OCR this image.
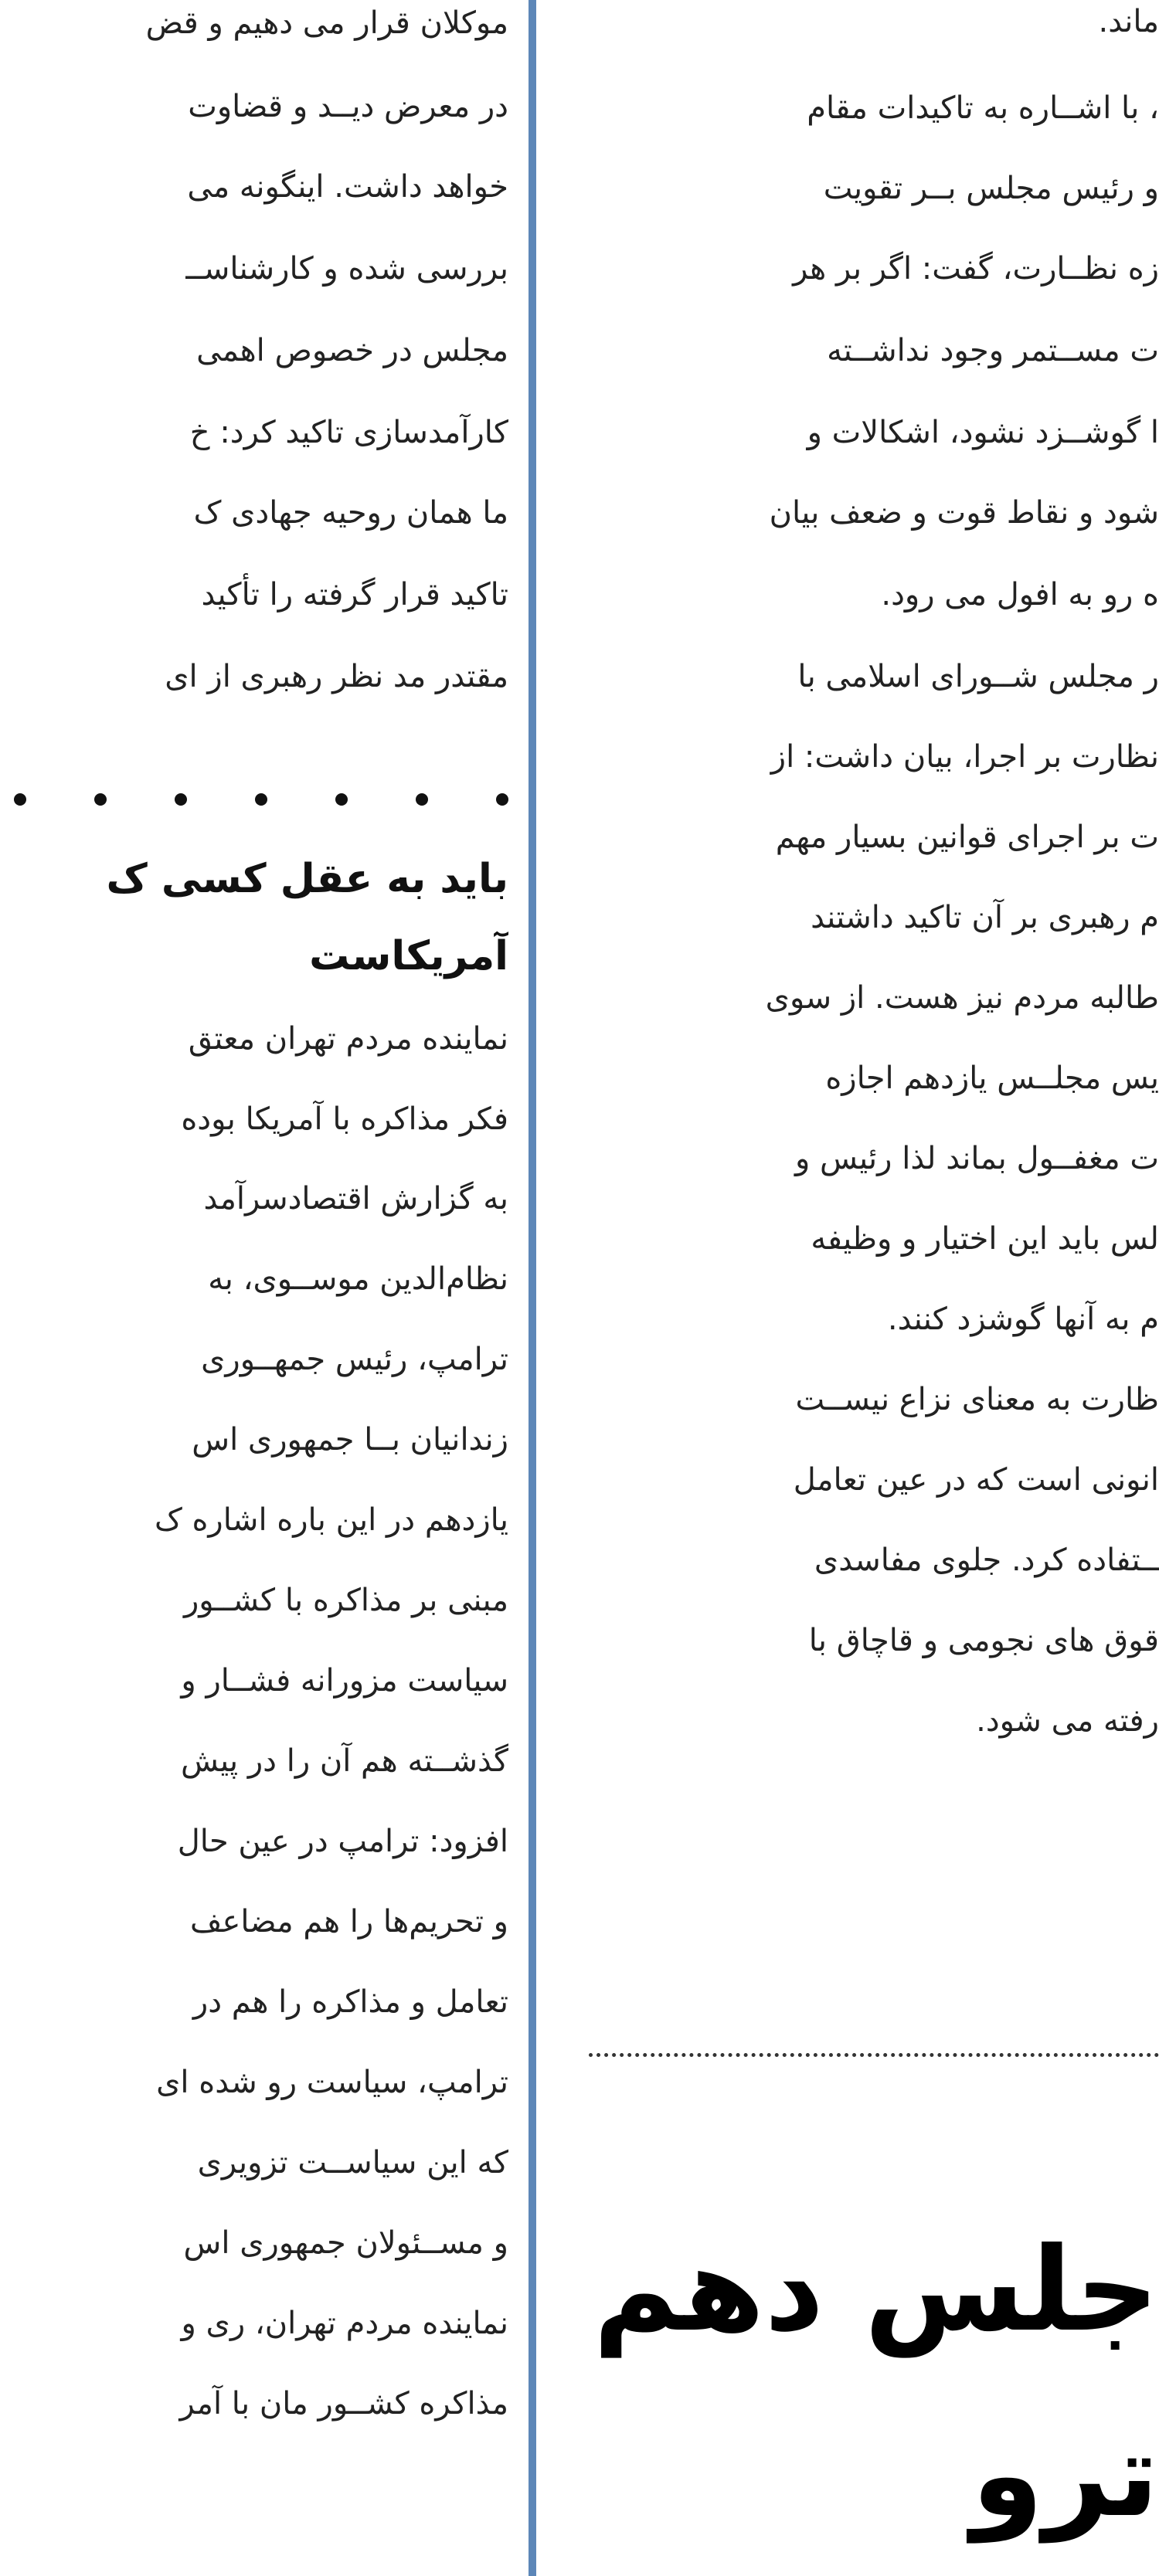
موکلان قرار می دهیم و قض
در معرض دیــد و قضاوت
خواهد داشت. اینگونه می
بررسی شده و کارشناســ
مجلس در خصوص اهمی
کارآمدسازی تاکید کرد: خ
ما همان روحیه جهادی ک
تاکید قرار گرفته را تأکید
مقتدر مد نظر رهبری از ای
باید به عقل کسی ک
آمریکاست
نماینده مردم تهران معتق
فکر مذاکره با آمریکا بوده
به گزارش اقتصادسرآمد
نظام‌الدین موســوی، به
ترامپ، رئیس جمهــوری
زندانیان بــا جمهوری اس
یازدهم در این باره اشاره ک
مبنی بر مذاکره با کشــور
سیاست مزورانه فشــار و
گذشــته هم آن را در پیش
افزود: ترامپ در عین حال
و تحریم‌ها را هم مضاعف
تعامل و مذاکره را هم در
ترامپ، سیاست رو شده ای
که این سیاســت تزویری
و مســئولان جمهوری اس
نماینده مردم تهران، ری و
مذاکره کشــور مان با آمر
ماند.
، با اشــاره به تاکیدات مقام
و رئیس مجلس بــر تقویت
زه نظــارت، گفت: اگر بر هر
ت مســتمر وجود نداشــته
ا گوشــزد نشود، اشکالات و
شود و نقاط قوت و ضعف بیان
ه رو به افول می رود.
ر مجلس شــورای اسلامی با
نظارت بر اجرا، بیان داشت: از
ت بر اجرای قوانین بسیار مهم
م رهبری بر آن تاکید داشتند
طالبه مردم نیز هست. از سوی
یس مجلــس یازدهم اجازه
ت مغفــول بماند لذا رئیس و
لس باید این اختیار و وظیفه
م به آنها گوشزد کنند.
ظارت به معنای نزاع نیســت
انونی است که در عین تعامل
ــتفاده کرد. جلوی مفاسدی
قوق های نجومی و قاچاق با
رفته می شود.
جلس دهم
ترو
